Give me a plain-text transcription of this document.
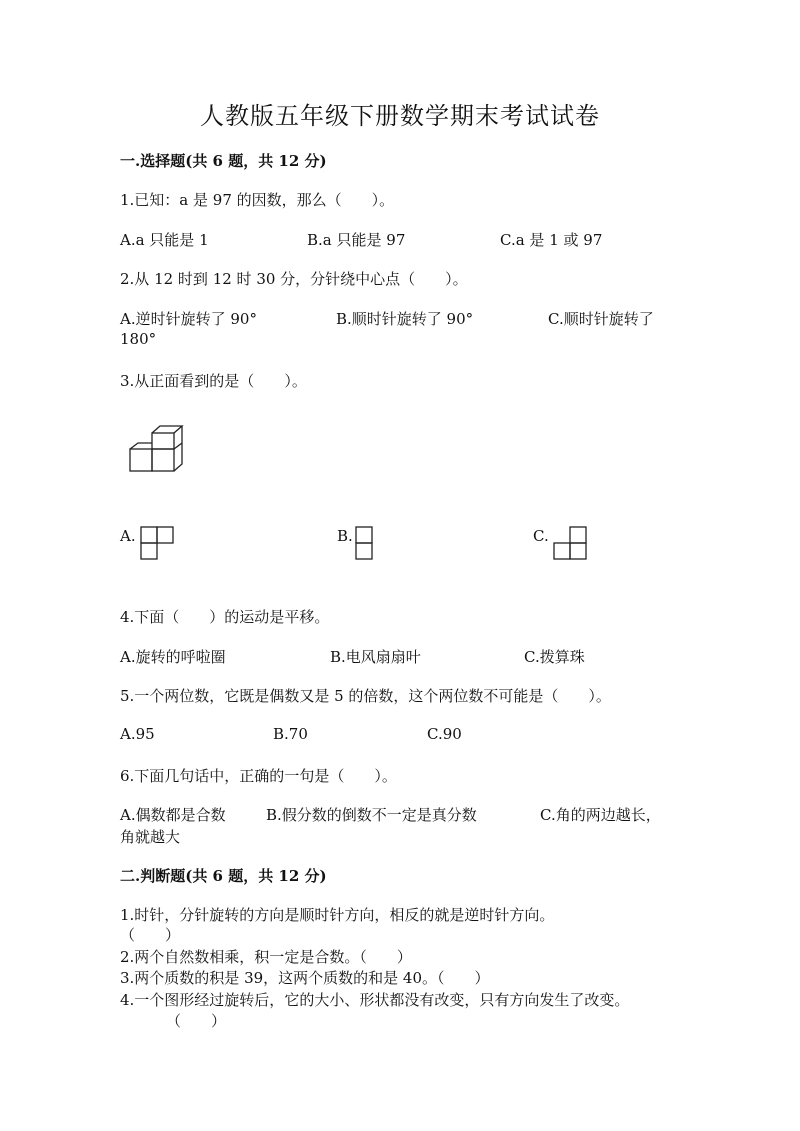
人教版五年级下册数学期末考试试卷
一.选择题(共 6 题，共 12 分)
1.已知：a 是 97 的因数，那么（　　）。
A.a 只能是 1	B.a 只能是 97	C.a 是 1 或 97
2.从 12 时到 12 时 30 分，分针绕中心点（　　）。
A.逆时针旋转了 90°	B.顺时针旋转了 90°	C.顺时针旋转了
180°
3.从正面看到的是（　　）。
A.	B.	C.
4.下面（　　）的运动是平移。
A.旋转的呼啦圈	B.电风扇扇叶	C.拨算珠
5.一个两位数，它既是偶数又是 5 的倍数，这个两位数不可能是（　　）。
A.95	B.70	C.90
6.下面几句话中，正确的一句是（　　）。
A.偶数都是合数	B.假分数的倒数不一定是真分数	C.角的两边越长，
角就越大
二.判断题(共 6 题，共 12 分)
1.时针，分针旋转的方向是顺时针方向，相反的就是逆时针方向。
（　　）
2.两个自然数相乘，积一定是合数。（　　）
3.两个质数的积是 39，这两个质数的和是 40。（　　）
4.一个图形经过旋转后，它的大小、形状都没有改变，只有方向发生了改变。
（　　）
